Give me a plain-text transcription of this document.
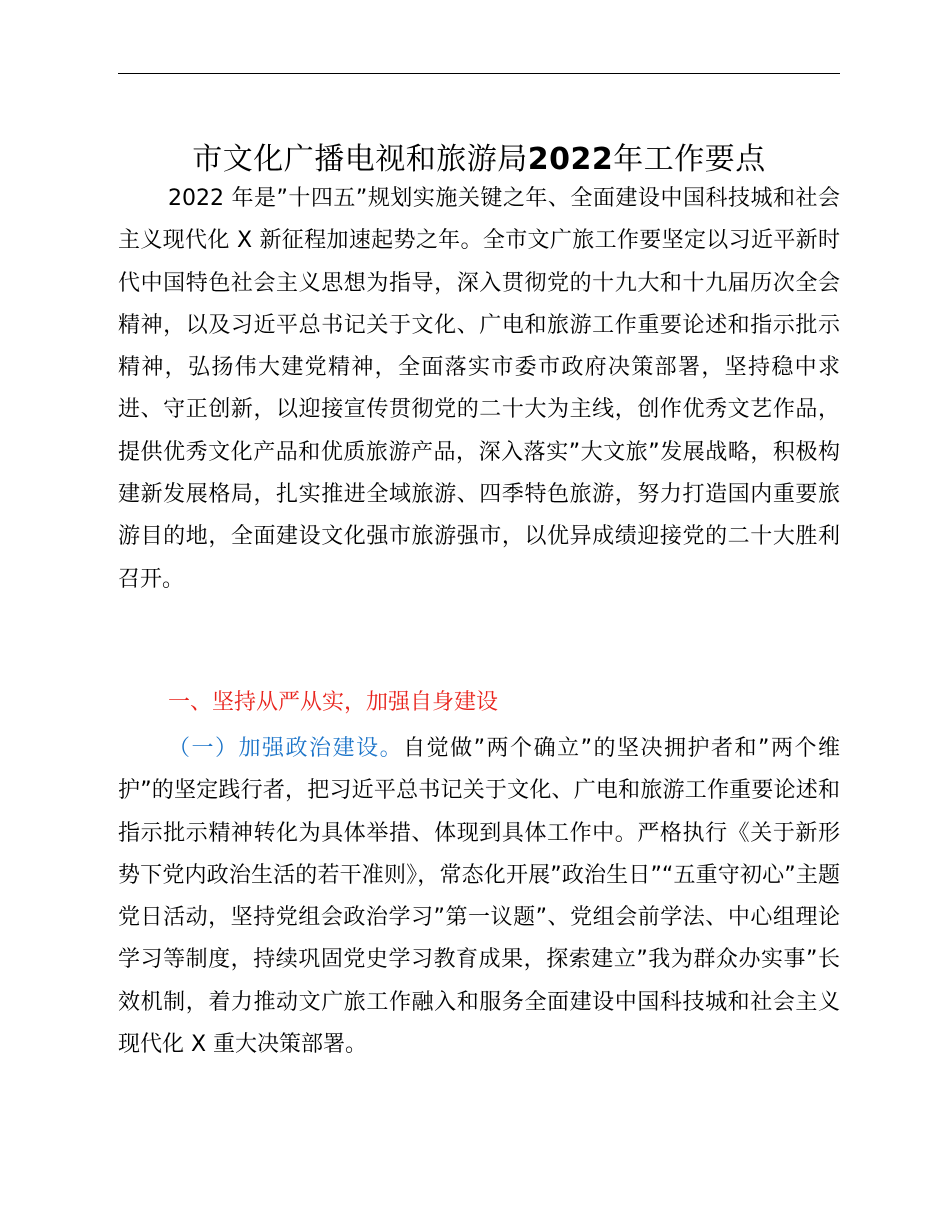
市文化广播电视和旅游局2022年工作要点

2022 年是”十四五”规划实施关键之年、全面建设中国科技城和社会主义现代化 X 新征程加速起势之年。全市文广旅工作要坚定以习近平新时代中国特色社会主义思想为指导，深入贯彻党的十九大和十九届历次全会精神，以及习近平总书记关于文化、广电和旅游工作重要论述和指示批示精神，弘扬伟大建党精神，全面落实市委市政府决策部署，坚持稳中求进、守正创新，以迎接宣传贯彻党的二十大为主线，创作优秀文艺作品，提供优秀文化产品和优质旅游产品，深入落实”大文旅”发展战略，积极构建新发展格局，扎实推进全域旅游、四季特色旅游，努力打造国内重要旅游目的地，全面建设文化强市旅游强市，以优异成绩迎接党的二十大胜利召开。

一、坚持从严从实，加强自身建设

（一）加强政治建设。自觉做”两个确立”的坚决拥护者和”两个维护”的坚定践行者，把习近平总书记关于文化、广电和旅游工作重要论述和指示批示精神转化为具体举措、体现到具体工作中。严格执行《关于新形势下党内政治生活的若干准则》，常态化开展”政治生日”“五重守初心”主题党日活动，坚持党组会政治学习”第一议题”、党组会前学法、中心组理论学习等制度，持续巩固党史学习教育成果，探索建立”我为群众办实事”长效机制，着力推动文广旅工作融入和服务全面建设中国科技城和社会主义现代化 X 重大决策部署。
